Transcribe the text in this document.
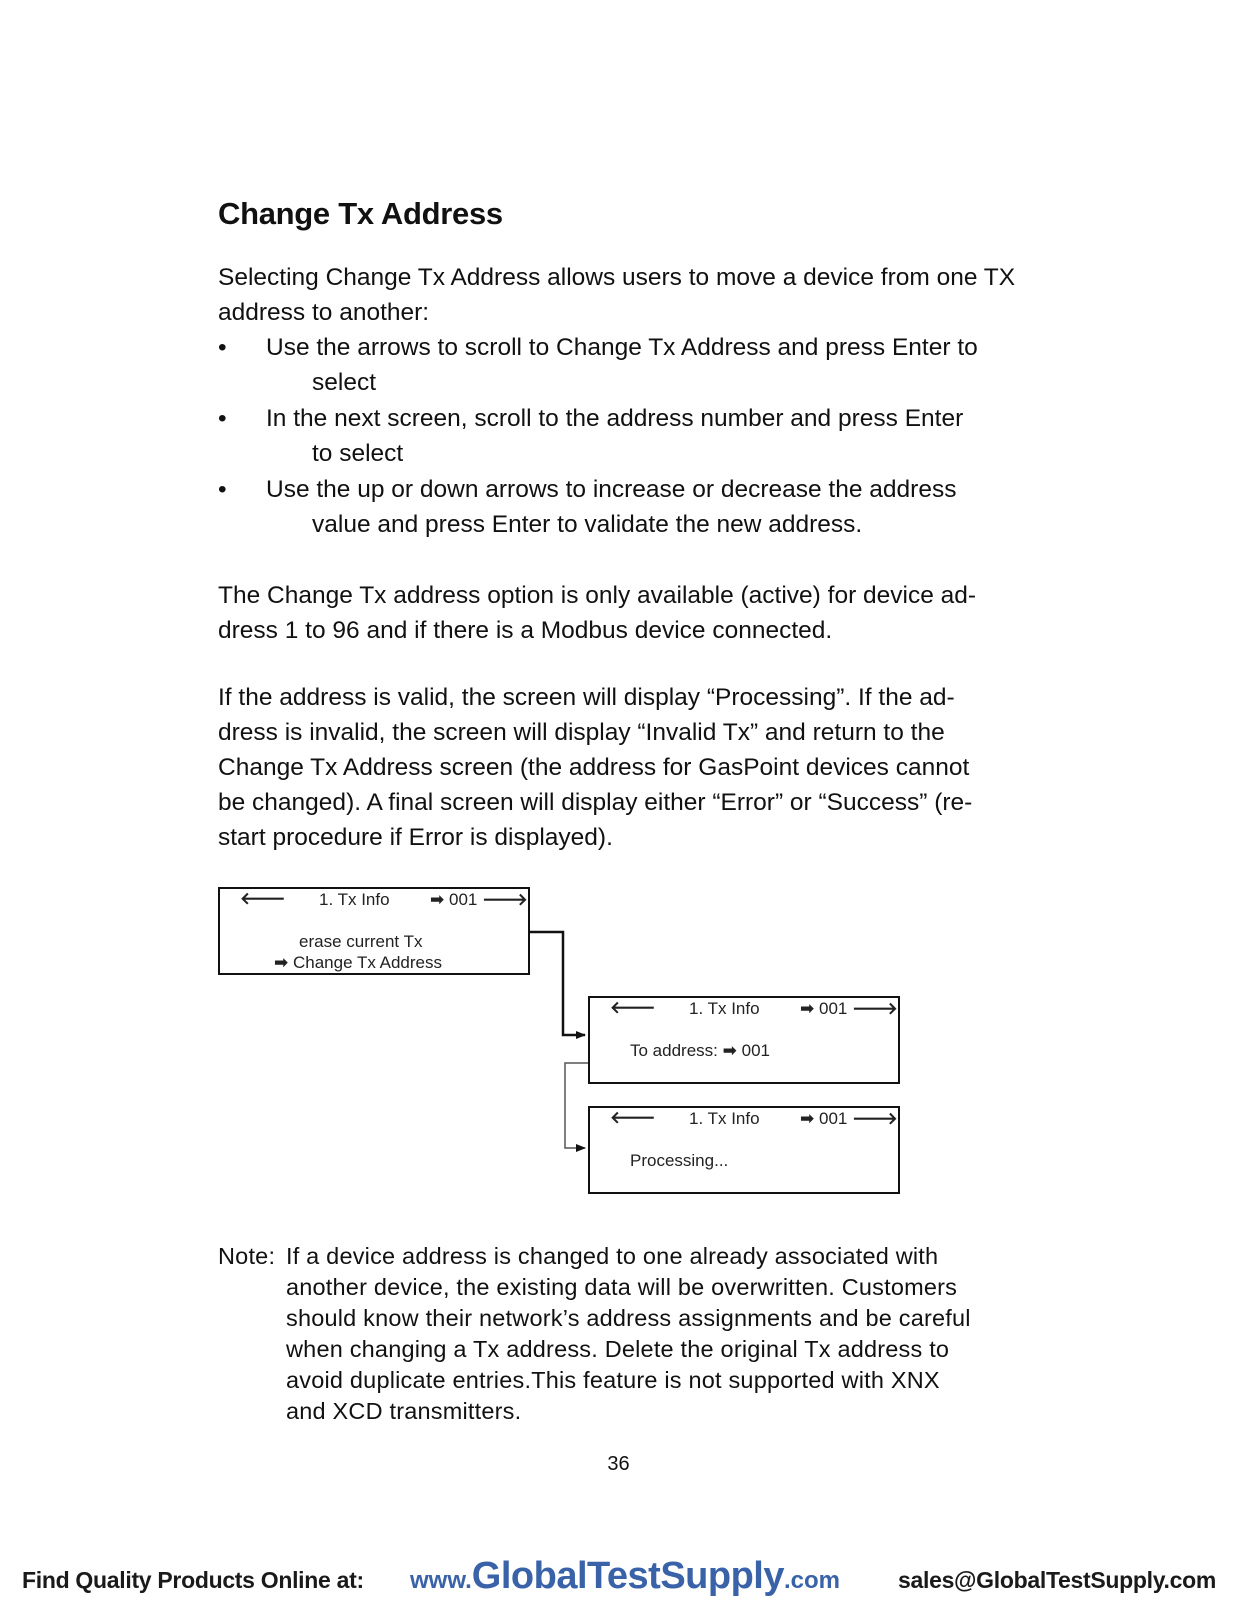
Change Tx Address

Selecting Change Tx Address allows users to move a device from one TX address to another:

• Use the arrows to scroll to Change Tx Address and press Enter to
select
• In the next screen, scroll to the address number and press Enter
to select
• Use the up or down arrows to increase or decrease the address
value and press Enter to validate the new address.
The Change Tx address option is only available (active) for device ad-
dress 1 to 96 and if there is a Modbus device connected.
If the address is valid, the screen will display “Processing”. If the ad-
dress is invalid, the screen will display “Invalid Tx” and return to the
Change Tx Address screen (the address for GasPoint devices cannot
be changed). A final screen will display either “Error” or “Success” (re-
start procedure if Error is displayed).
🡐 1. Tx Info ➡ 001 🡒
erase current Tx
➡ Change Tx Address
🡐 1. Tx Info ➡ 001 🡒
To address: ➡ 001
🡐 1. Tx Info ➡ 001 🡒
Processing...
Note: If a device address is changed to one already associated with
another device, the existing data will be overwritten. Customers
should know their network’s address assignments and be careful
when changing a Tx address. Delete the original Tx address to
avoid duplicate entries.This feature is not supported with XNX
and XCD transmitters.
36
Find Quality Products Online at: www.GlobalTestSupply.com	sales@GlobalTestSupply.com
